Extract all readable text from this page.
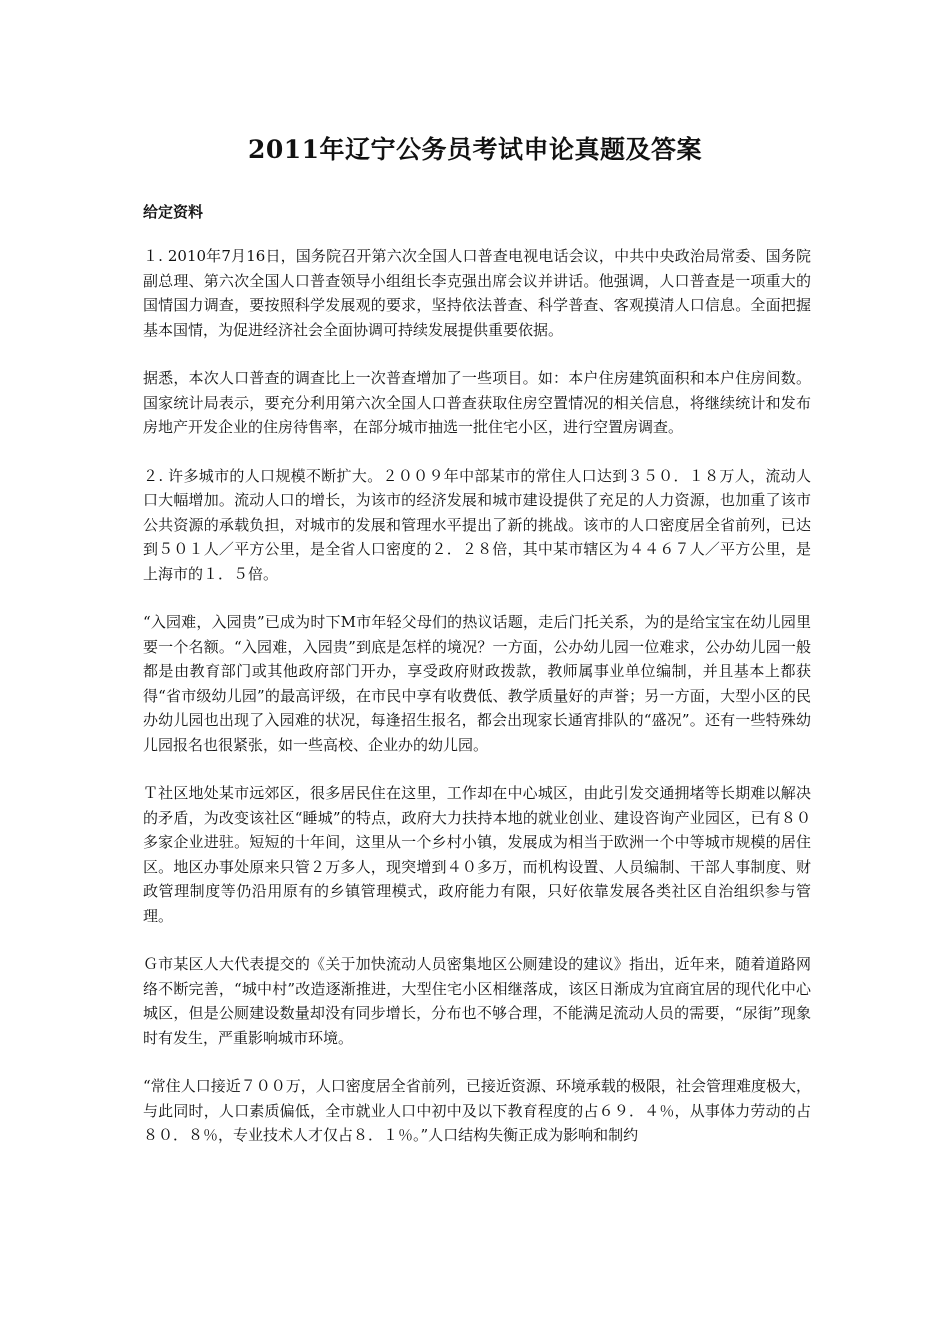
2011年辽宁公务员考试申论真题及答案
给定资料

１. 2010年7月16日，国务院召开第六次全国人口普查电视电话会议，中共中央政治局常委、国务院副总理、第六次全国人口普查领导小组组长李克强出席会议并讲话。他强调，人口普查是一项重大的国情国力调查，要按照科学发展观的要求，坚持依法普查、科学普查、客观摸清人口信息。全面把握基本国情，为促进经济社会全面协调可持续发展提供重要依据。

据悉，本次人口普查的调查比上一次普查增加了一些项目。如：本户住房建筑面积和本户住房间数。国家统计局表示，要充分利用第六次全国人口普查获取住房空置情况的相关信息，将继续统计和发布房地产开发企业的住房待售率，在部分城市抽选一批住宅小区，进行空置房调查。

２. 许多城市的人口规模不断扩大。２００９年中部某市的常住人口达到３５０．１８万人，流动人口大幅增加。流动人口的增长，为该市的经济发展和城市建设提供了充足的人力资源，也加重了该市公共资源的承载负担，对城市的发展和管理水平提出了新的挑战。该市的人口密度居全省前列，已达到５０１人／平方公里，是全省人口密度的２．２８倍，其中某市辖区为４４６７人／平方公里，是上海市的１．５倍。

“入园难，入园贵”已成为时下M市年轻父母们的热议话题，走后门托关系，为的是给宝宝在幼儿园里要一个名额。“入园难，入园贵”到底是怎样的境况？一方面，公办幼儿园一位难求，公办幼儿园一般都是由教育部门或其他政府部门开办，享受政府财政拨款，教师属事业单位编制，并且基本上都获得“省市级幼儿园”的最高评级，在市民中享有收费低、教学质量好的声誉；另一方面，大型小区的民办幼儿园也出现了入园难的状况，每逢招生报名，都会出现家长通宵排队的“盛况”。还有一些特殊幼儿园报名也很紧张，如一些高校、企业办的幼儿园。

Ｔ社区地处某市远郊区，很多居民住在这里，工作却在中心城区，由此引发交通拥堵等长期难以解决的矛盾，为改变该社区“睡城”的特点，政府大力扶持本地的就业创业、建设咨询产业园区，已有８０多家企业进驻。短短的十年间，这里从一个乡村小镇，发展成为相当于欧洲一个中等城市规模的居住区。地区办事处原来只管２万多人，现突增到４０多万，而机构设置、人员编制、干部人事制度、财政管理制度等仍沿用原有的乡镇管理模式，政府能力有限，只好依靠发展各类社区自治组织参与管理。

Ｇ市某区人大代表提交的《关于加快流动人员密集地区公厕建设的建议》指出，近年来，随着道路网络不断完善，“城中村”改造逐渐推进，大型住宅小区相继落成，该区日渐成为宜商宜居的现代化中心城区，但是公厕建设数量却没有同步增长，分布也不够合理，不能满足流动人员的需要，“尿街”现象时有发生，严重影响城市环境。

“常住人口接近７００万，人口密度居全省前列，已接近资源、环境承载的极限，社会管理难度极大，与此同时，人口素质偏低，全市就业人口中初中及以下教育程度的占６９．４％，从事体力劳动的占８０．８％，专业技术人才仅占８．１％。”人口结构失衡正成为影响和制约
